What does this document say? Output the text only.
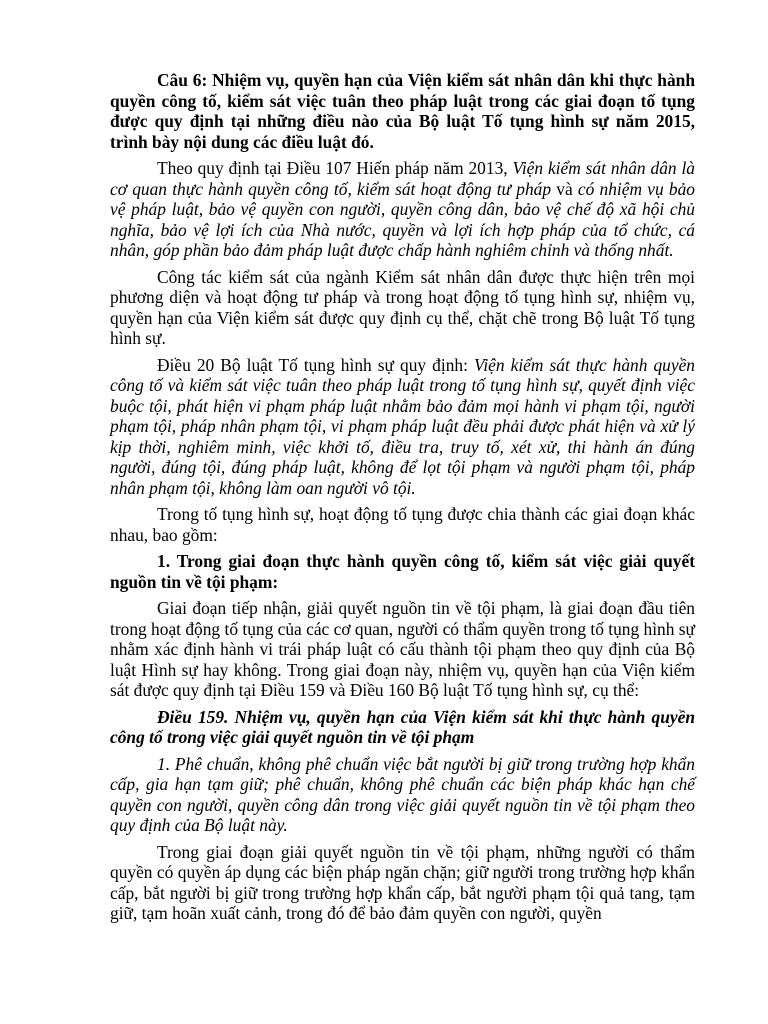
Câu 6: Nhiệm vụ, quyền hạn của Viện kiểm sát nhân dân khi thực hành quyền công tố, kiểm sát việc tuân theo pháp luật trong các giai đoạn tố tụng được quy định tại những điều nào của Bộ luật Tố tụng hình sự năm 2015, trình bày nội dung các điều luật đó.

Theo quy định tại Điều 107 Hiến pháp năm 2013, Viện kiểm sát nhân dân là cơ quan thực hành quyền công tố, kiểm sát hoạt động tư pháp và có nhiệm vụ bảo vệ pháp luật, bảo vệ quyền con người, quyền công dân, bảo vệ chế độ xã hội chủ nghĩa, bảo vệ lợi ích của Nhà nước, quyền và lợi ích hợp pháp của tổ chức, cá nhân, góp phần bảo đảm pháp luật được chấp hành nghiêm chỉnh và thống nhất.

Công tác kiểm sát của ngành Kiểm sát nhân dân được thực hiện trên mọi phương diện và hoạt động tư pháp và trong hoạt động tố tụng hình sự, nhiệm vụ, quyền hạn của Viện kiểm sát được quy định cụ thể, chặt chẽ trong Bộ luật Tố tụng hình sự.

Điều 20 Bộ luật Tố tụng hình sự quy định: Viện kiểm sát thực hành quyền công tố và kiểm sát việc tuân theo pháp luật trong tố tụng hình sự, quyết định việc buộc tội, phát hiện vi phạm pháp luật nhằm bảo đảm mọi hành vi phạm tội, người phạm tội, pháp nhân phạm tội, vi phạm pháp luật đều phải được phát hiện và xử lý kịp thời, nghiêm minh, việc khởi tố, điều tra, truy tố, xét xử, thi hành án đúng người, đúng tội, đúng pháp luật, không để lọt tội phạm và người phạm tội, pháp nhân phạm tội, không làm oan người vô tội.

Trong tố tụng hình sự, hoạt động tố tụng được chia thành các giai đoạn khác nhau, bao gồm:

1. Trong giai đoạn thực hành quyền công tố, kiểm sát việc giải quyết nguồn tin về tội phạm:

Giai đoạn tiếp nhận, giải quyết nguồn tin về tội phạm, là giai đoạn đầu tiên trong hoạt động tố tụng của các cơ quan, người có thẩm quyền trong tố tụng hình sự nhằm xác định hành vi trái pháp luật có cấu thành tội phạm theo quy định của Bộ luật Hình sự hay không. Trong giai đoạn này, nhiệm vụ, quyền hạn của Viện kiểm sát được quy định tại Điều 159 và Điều 160 Bộ luật Tố tụng hình sự, cụ thể:

Điều 159. Nhiệm vụ, quyền hạn của Viện kiểm sát khi thực hành quyền công tố trong việc giải quyết nguồn tin về tội phạm

1. Phê chuẩn, không phê chuẩn việc bắt người bị giữ trong trường hợp khẩn cấp, gia hạn tạm giữ; phê chuẩn, không phê chuẩn các biện pháp khác hạn chế quyền con người, quyền công dân trong việc giải quyết nguồn tin về tội phạm theo quy định của Bộ luật này.

Trong giai đoạn giải quyết nguồn tin về tội phạm, những người có thẩm quyền có quyền áp dụng các biện pháp ngăn chặn; giữ người trong trường hợp khẩn cấp, bắt người bị giữ trong trường hợp khẩn cấp, bắt người phạm tội quả tang, tạm giữ, tạm hoãn xuất cảnh, trong đó để bảo đảm quyền con người, quyền
